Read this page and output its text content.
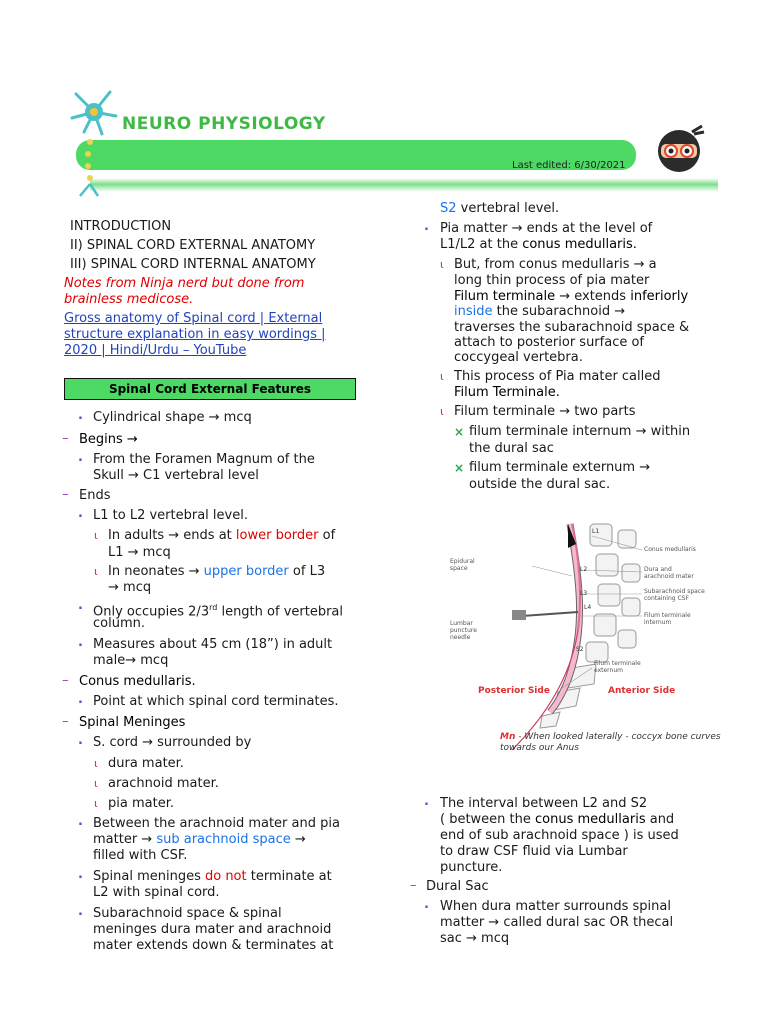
NEURO PHYSIOLOGY
Last edited: 6/30/2021
INTRODUCTION
II) SPINAL CORD EXTERNAL ANATOMY
III) SPINAL CORD INTERNAL ANATOMY
Notes from Ninja nerd but done from
brainless medicose.
Gross anatomy of Spinal cord | External
structure explanation in easy wordings |
2020 | Hindi/Urdu – YouTube
Spinal Cord External Features
. Cylindrical shape → mcq
– Begins →
. From the Foramen Magnum of the
Skull → C1 vertebral level
– Ends
. L1 to L2 vertebral level.
ι In adults → ends at lower border of
L1 → mcq
ι In neonates → upper border of L3
→ mcq
. Only occupies 2/3rd length of vertebral
column.
. Measures about 45 cm (18”) in adult
male→ mcq
– Conus medullaris.
. Point at which spinal cord terminates.
– Spinal Meninges
. S. cord → surrounded by
ι dura mater.
ι arachnoid mater.
ι pia mater.
. Between the arachnoid mater and pia
matter → sub arachnoid space →
filled with CSF.
. Spinal meninges do not terminate at
L2 with spinal cord.
. Subarachnoid space & spinal
meninges dura mater and arachnoid
mater extends down & terminates at
S2 vertebral level.
. Pia matter → ends at the level of
L1/L2 at the conus medullaris.
ι But, from conus medullaris → a
long thin process of pia mater
Filum terminale → extends inferiorly
inside the subarachnoid →
traverses the subarachnoid space &
attach to posterior surface of
coccygeal vertebra.
ι This process of Pia mater called
Filum Terminale.
ι Filum terminale → two parts
× filum terminale internum → within
the dural sac
× filum terminale externum →
outside the dural sac.
Epidural
space
Lumbar
puncture
needle
Conus medullaris
Dura and
arachnoid mater
Subarachnoid space
containing CSF
Filum terminale
internum
Filum terminale
externum
L1
L2
L3
L4
S2
Posterior Side	Anterior Side
Mn - When looked laterally - coccyx bone curves
towards our Anus
. The interval between L2 and S2
( between the conus medullaris and
end of sub arachnoid space ) is used
to draw CSF fluid via Lumbar
puncture.
– Dural Sac
. When dura matter surrounds spinal
matter → called dural sac OR thecal
sac → mcq
